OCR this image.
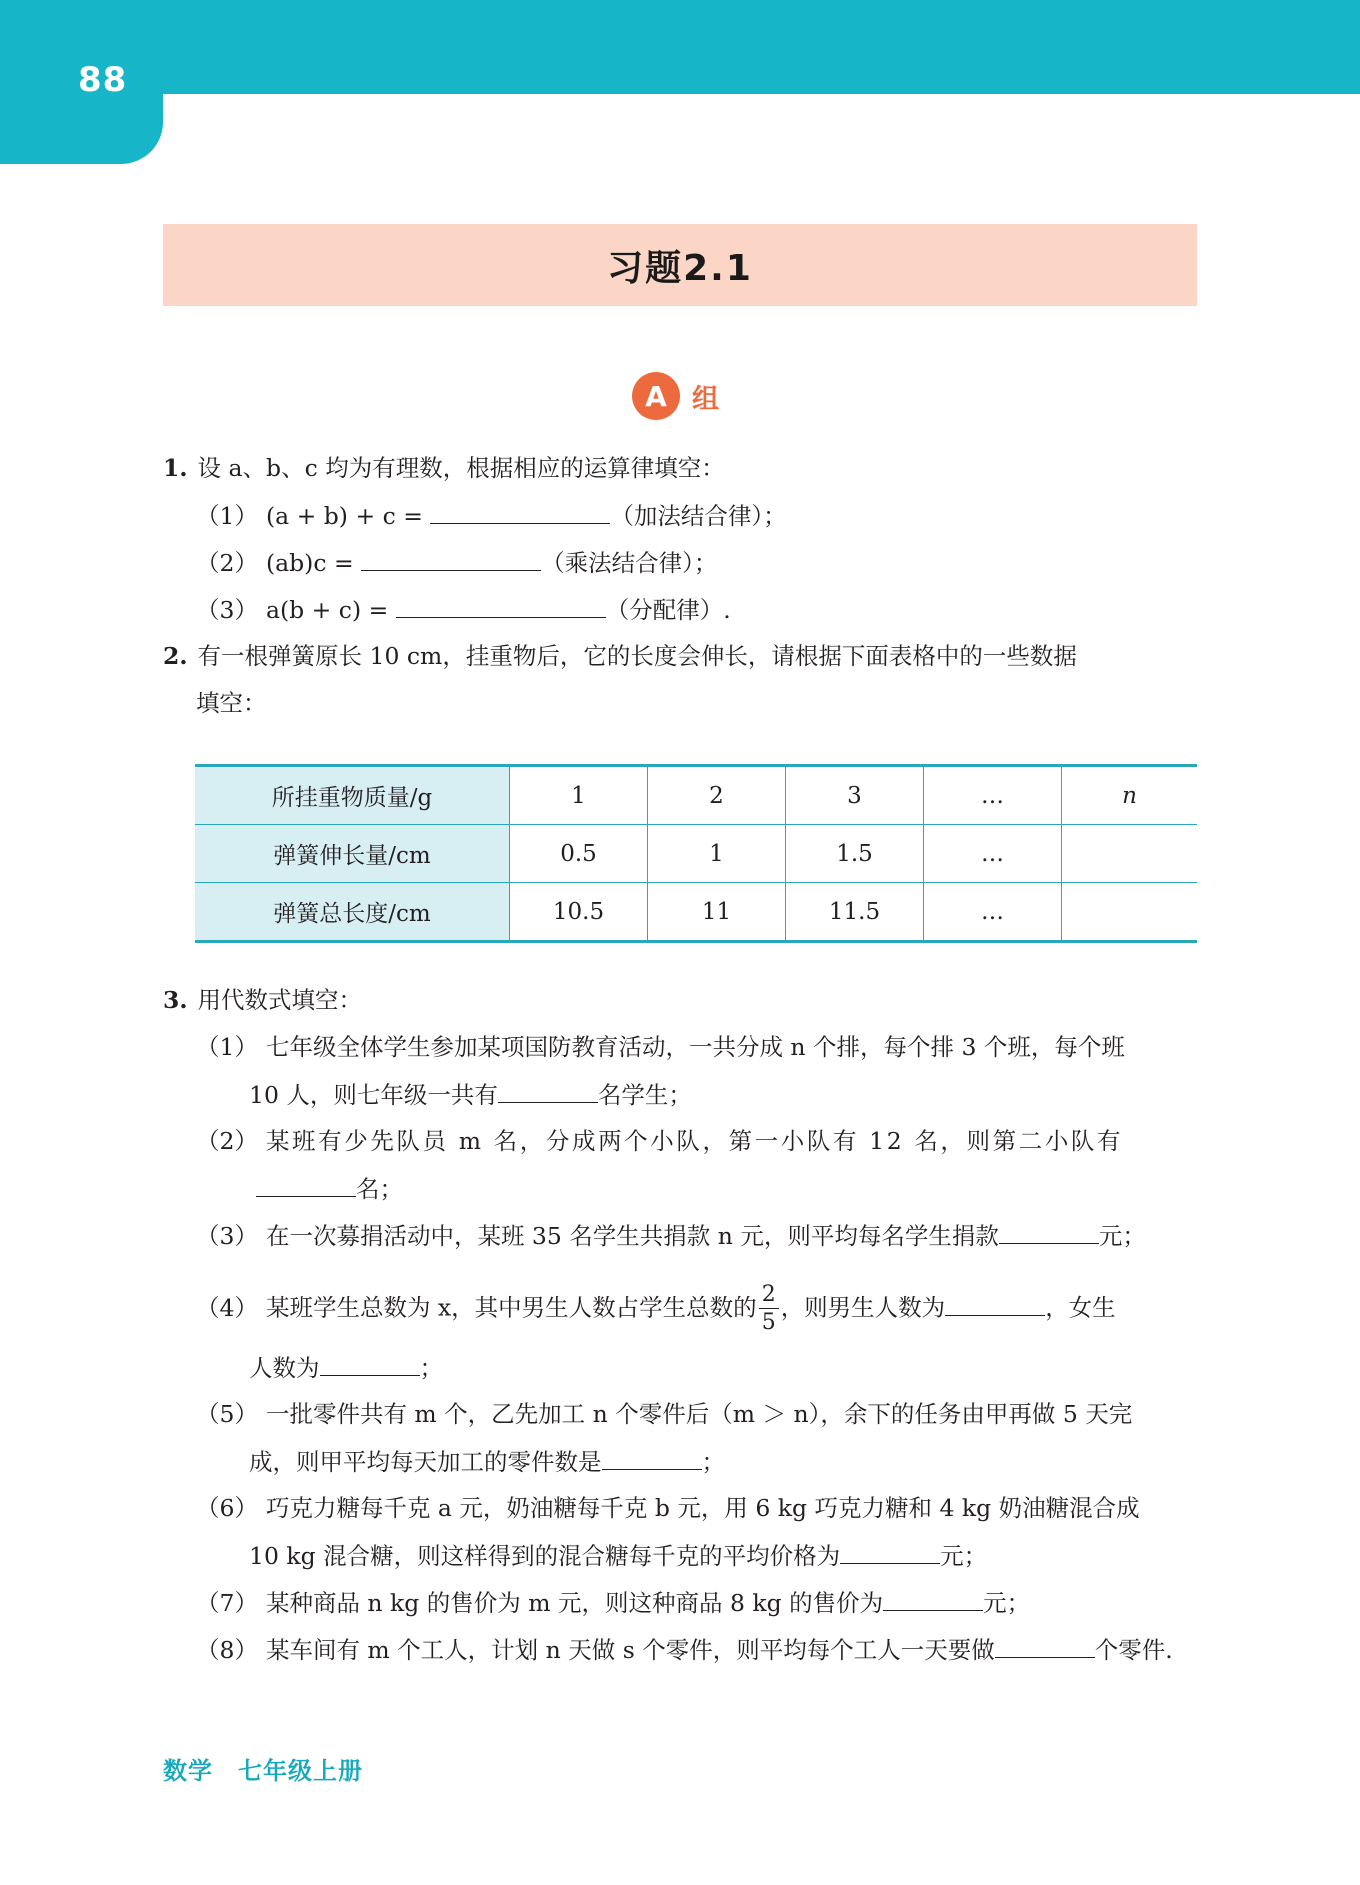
88
习题2.1
A 组
1. 设 a、b、c 均为有理数，根据相应的运算律填空：
（1） (a + b) + c =	（加法结合律）；
（2） (ab)c =	（乘法结合律）；
（3） a(b + c) =	（分配律）.
2. 有一根弹簧原长 10 cm，挂重物后，它的长度会伸长，请根据下面表格中的一些数据
填空：
所挂重物质量/g	1	2	3	…	n
弹簧伸长量/cm	0.5	1	1.5	…	
弹簧总长度/cm	10.5	11	11.5	…	
3. 用代数式填空：
（1） 七年级全体学生参加某项国防教育活动，一共分成 n 个排，每个排 3 个班，每个班
10 人，则七年级一共有	名学生；
（2） 某班有少先队员 m 名，分成两个小队，第一小队有 12 名，则第二小队有
名；
（3） 在一次募捐活动中，某班 35 名学生共捐款 n 元，则平均每名学生捐款	元；
（4） 某班学生总数为 x，其中男生人数占学生总数的 $\frac{2}{5}$ ，则男生人数为	，女生
人数为	；
（5） 一批零件共有 m 个，乙先加工 n 个零件后（m ＞ n），余下的任务由甲再做 5 天完
成，则甲平均每天加工的零件数是	；
（6） 巧克力糖每千克 a 元，奶油糖每千克 b 元，用 6 kg 巧克力糖和 4 kg 奶油糖混合成
10 kg 混合糖，则这样得到的混合糖每千克的平均价格为	元；
（7） 某种商品 n kg 的售价为 m 元，则这种商品 8 kg 的售价为	元；
（8） 某车间有 m 个工人，计划 n 天做 s 个零件，则平均每个工人一天要做	个零件.
数学　七年级上册
